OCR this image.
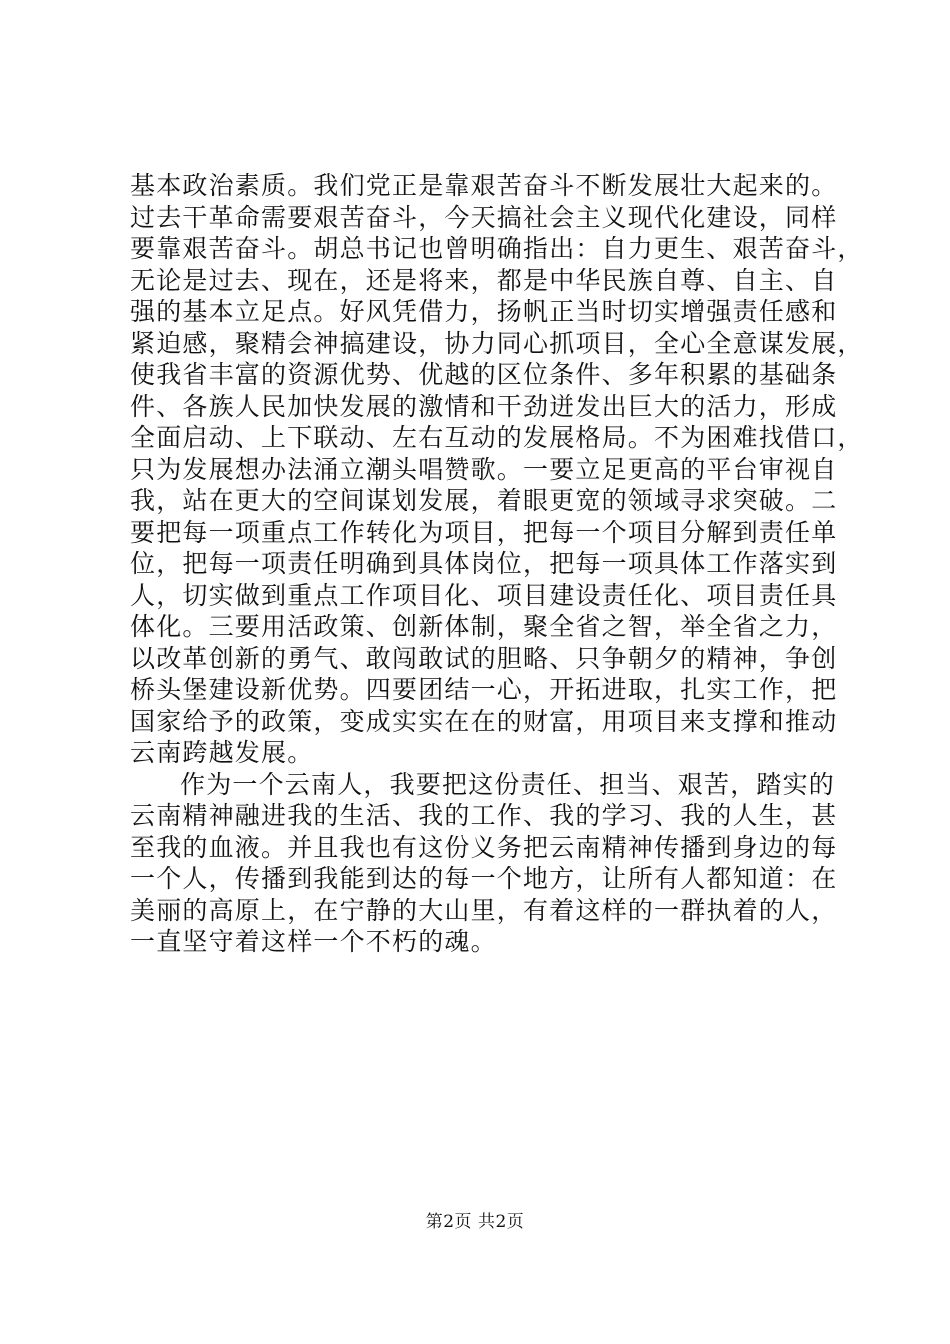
基本政治素质。我们党正是靠艰苦奋斗不断发展壮大起来的。
过去干革命需要艰苦奋斗，今天搞社会主义现代化建设，同样
要靠艰苦奋斗。胡总书记也曾明确指出：自力更生、艰苦奋斗，
无论是过去、现在，还是将来，都是中华民族自尊、自主、自
强的基本立足点。好风凭借力，扬帆正当时切实增强责任感和
紧迫感，聚精会神搞建设，协力同心抓项目，全心全意谋发展，
使我省丰富的资源优势、优越的区位条件、多年积累的基础条
件、各族人民加快发展的激情和干劲迸发出巨大的活力，形成
全面启动、上下联动、左右互动的发展格局。不为困难找借口，
只为发展想办法涌立潮头唱赞歌。一要立足更高的平台审视自
我，站在更大的空间谋划发展，着眼更宽的领域寻求突破。二
要把每一项重点工作转化为项目，把每一个项目分解到责任单
位，把每一项责任明确到具体岗位，把每一项具体工作落实到
人，切实做到重点工作项目化、项目建设责任化、项目责任具
体化。三要用活政策、创新体制，聚全省之智，举全省之力，
以改革创新的勇气、敢闯敢试的胆略、只争朝夕的精神，争创
桥头堡建设新优势。四要团结一心，开拓进取，扎实工作，把
国家给予的政策，变成实实在在的财富，用项目来支撑和推动
云南跨越发展。
作为一个云南人，我要把这份责任、担当、艰苦，踏实的
云南精神融进我的生活、我的工作、我的学习、我的人生，甚
至我的血液。并且我也有这份义务把云南精神传播到身边的每
一个人，传播到我能到达的每一个地方，让所有人都知道：在
美丽的高原上，在宁静的大山里，有着这样的一群执着的人，
一直坚守着这样一个不朽的魂。
第2页 共2页
